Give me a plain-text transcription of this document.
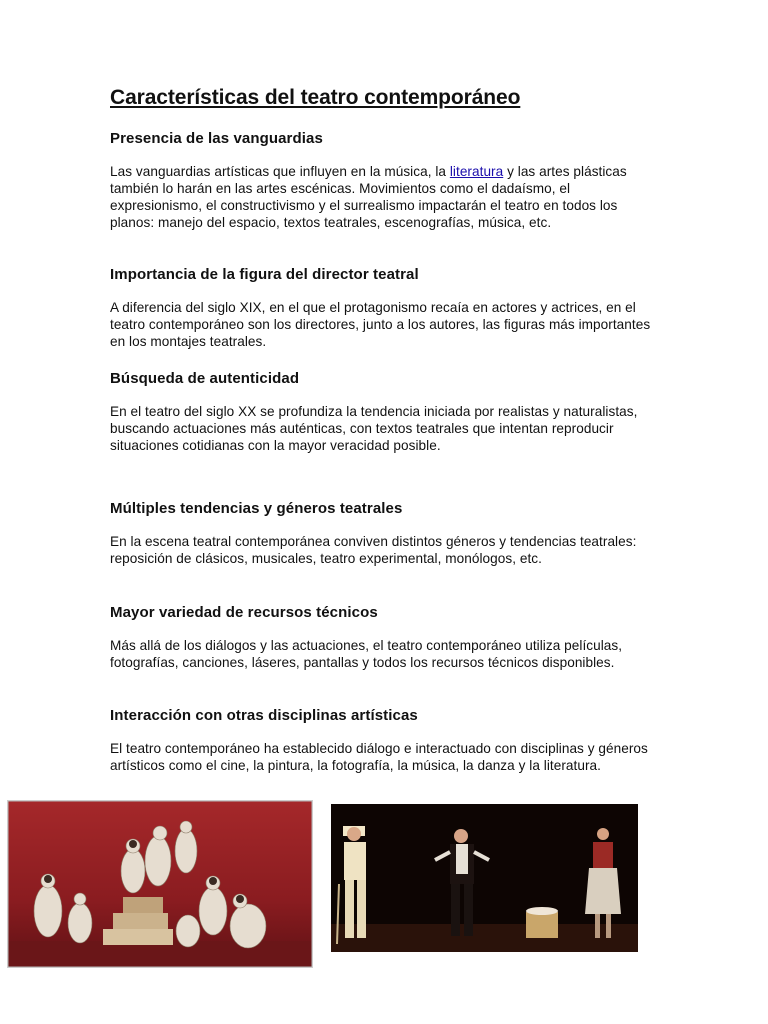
Características del teatro contemporáneo
Presencia de las vanguardias

Las vanguardias artísticas que influyen en la música, la literatura y las artes plásticas también lo harán en las artes escénicas. Movimientos como el dadaísmo, el expresionismo, el constructivismo y el surrealismo impactarán el teatro en todos los planos: manejo del espacio, textos teatrales, escenografías, música, etc.

Importancia de la figura del director teatral

A diferencia del siglo XIX, en el que el protagonismo recaía en actores y actrices, en el teatro contemporáneo son los directores, junto a los autores, las figuras más importantes en los montajes teatrales.

Búsqueda de autenticidad

En el teatro del siglo XX se profundiza la tendencia iniciada por realistas y naturalistas, buscando actuaciones más auténticas, con textos teatrales que intentan reproducir situaciones cotidianas con la mayor veracidad posible.

Múltiples tendencias y géneros teatrales

En la escena teatral contemporánea conviven distintos géneros y tendencias teatrales: reposición de clásicos, musicales, teatro experimental, monólogos, etc.

Mayor variedad de recursos técnicos

Más allá de los diálogos y las actuaciones, el teatro contemporáneo utiliza películas, fotografías, canciones, láseres, pantallas y todos los recursos técnicos disponibles.

Interacción con otras disciplinas artísticas

El teatro contemporáneo ha establecido diálogo e interactuado con disciplinas y géneros artísticos como el cine, la pintura, la fotografía, la música, la danza y la literatura.
